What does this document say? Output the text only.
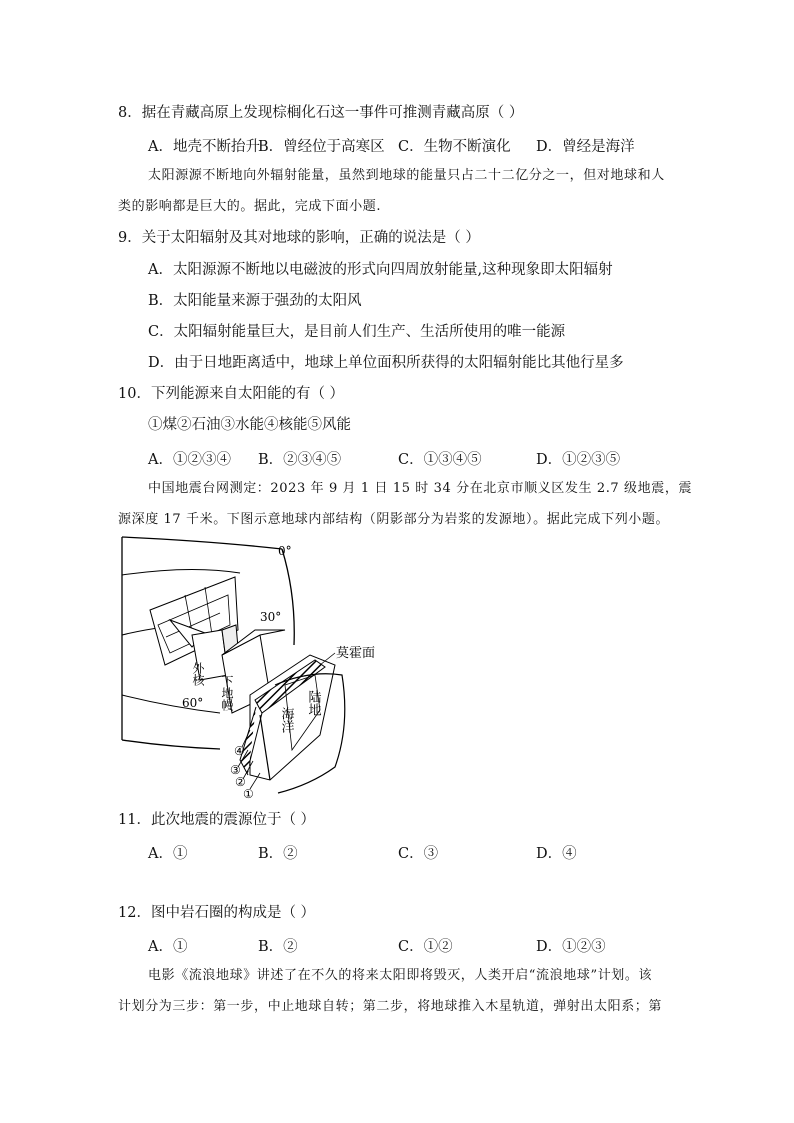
8．据在青藏高原上发现棕榈化石这一事件可推测青藏高原（ ）
A．地壳不断抬升
B．曾经位于高寒区 C．生物不断演化 D．曾经是海洋
太阳源源不断地向外辐射能量，虽然到地球的能量只占二十二亿分之一，但对地球和人
类的影响都是巨大的。据此，完成下面小题.
9．关于太阳辐射及其对地球的影响，正确的说法是（ ）
A．太阳源源不断地以电磁波的形式向四周放射能量,这种现象即太阳辐射
B．太阳能量来源于强劲的太阳风
C．太阳辐射能量巨大，是目前人们生产、生活所使用的唯一能源
D．由于日地距离适中，地球上单位面积所获得的太阳辐射能比其他行星多
10．下列能源来自太阳能的有（ ）
①煤②石油③水能④核能⑤风能
A．①②③④ B．②③④⑤	C．①③④⑤	D．①②③⑤
中国地震台网测定：2023 年 9 月 1 日 15 时 34 分在北京市顺义区发生 2.7 级地震，震
源深度 17 千米。下图示意地球内部结构（阴影部分为岩浆的发源地）。据此完成下列小题。
0°
30°
60°
莫霍面
外核
下地幔
海洋
陆地
④
③
②
①
11．此次地震的震源位于（ ）
A．①	B．②	C．③	D．④
12．图中岩石圈的构成是（ ）
A．①	B．②	C．①②	D．①②③
电影《流浪地球》讲述了在不久的将来太阳即将毁灭，人类开启“流浪地球”计划。该
计划分为三步：第一步，中止地球自转；第二步，将地球推入木星轨道，弹射出太阳系；第
